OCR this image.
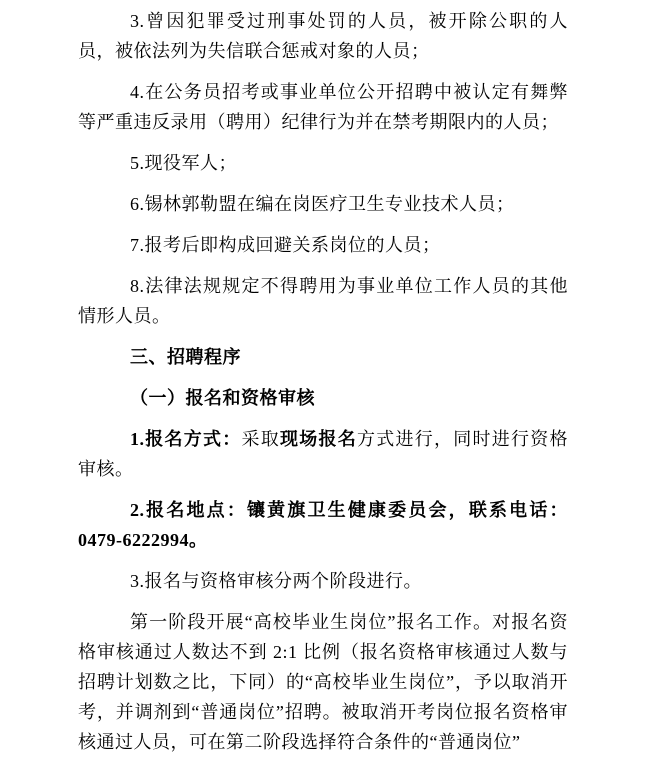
3.曾因犯罪受过刑事处罚的人员，被开除公职的人员，被依法列为失信联合惩戒对象的人员；

4.在公务员招考或事业单位公开招聘中被认定有舞弊等严重违反录用（聘用）纪律行为并在禁考期限内的人员；

5.现役军人；

6.锡林郭勒盟在编在岗医疗卫生专业技术人员；

7.报考后即构成回避关系岗位的人员；

8.法律法规规定不得聘用为事业单位工作人员的其他情形人员。

三、招聘程序

（一）报名和资格审核

1.报名方式：采取现场报名方式进行，同时进行资格审核。

2.报名地点：镶黄旗卫生健康委员会，联系电话：0479-6222994。

3.报名与资格审核分两个阶段进行。

第一阶段开展“高校毕业生岗位”报名工作。对报名资格审核通过人数达不到 2:1 比例（报名资格审核通过人数与招聘计划数之比，下同）的“高校毕业生岗位”，予以取消开考，并调剂到“普通岗位”招聘。被取消开考岗位报名资格审核通过人员，可在第二阶段选择符合条件的“普通岗位”
